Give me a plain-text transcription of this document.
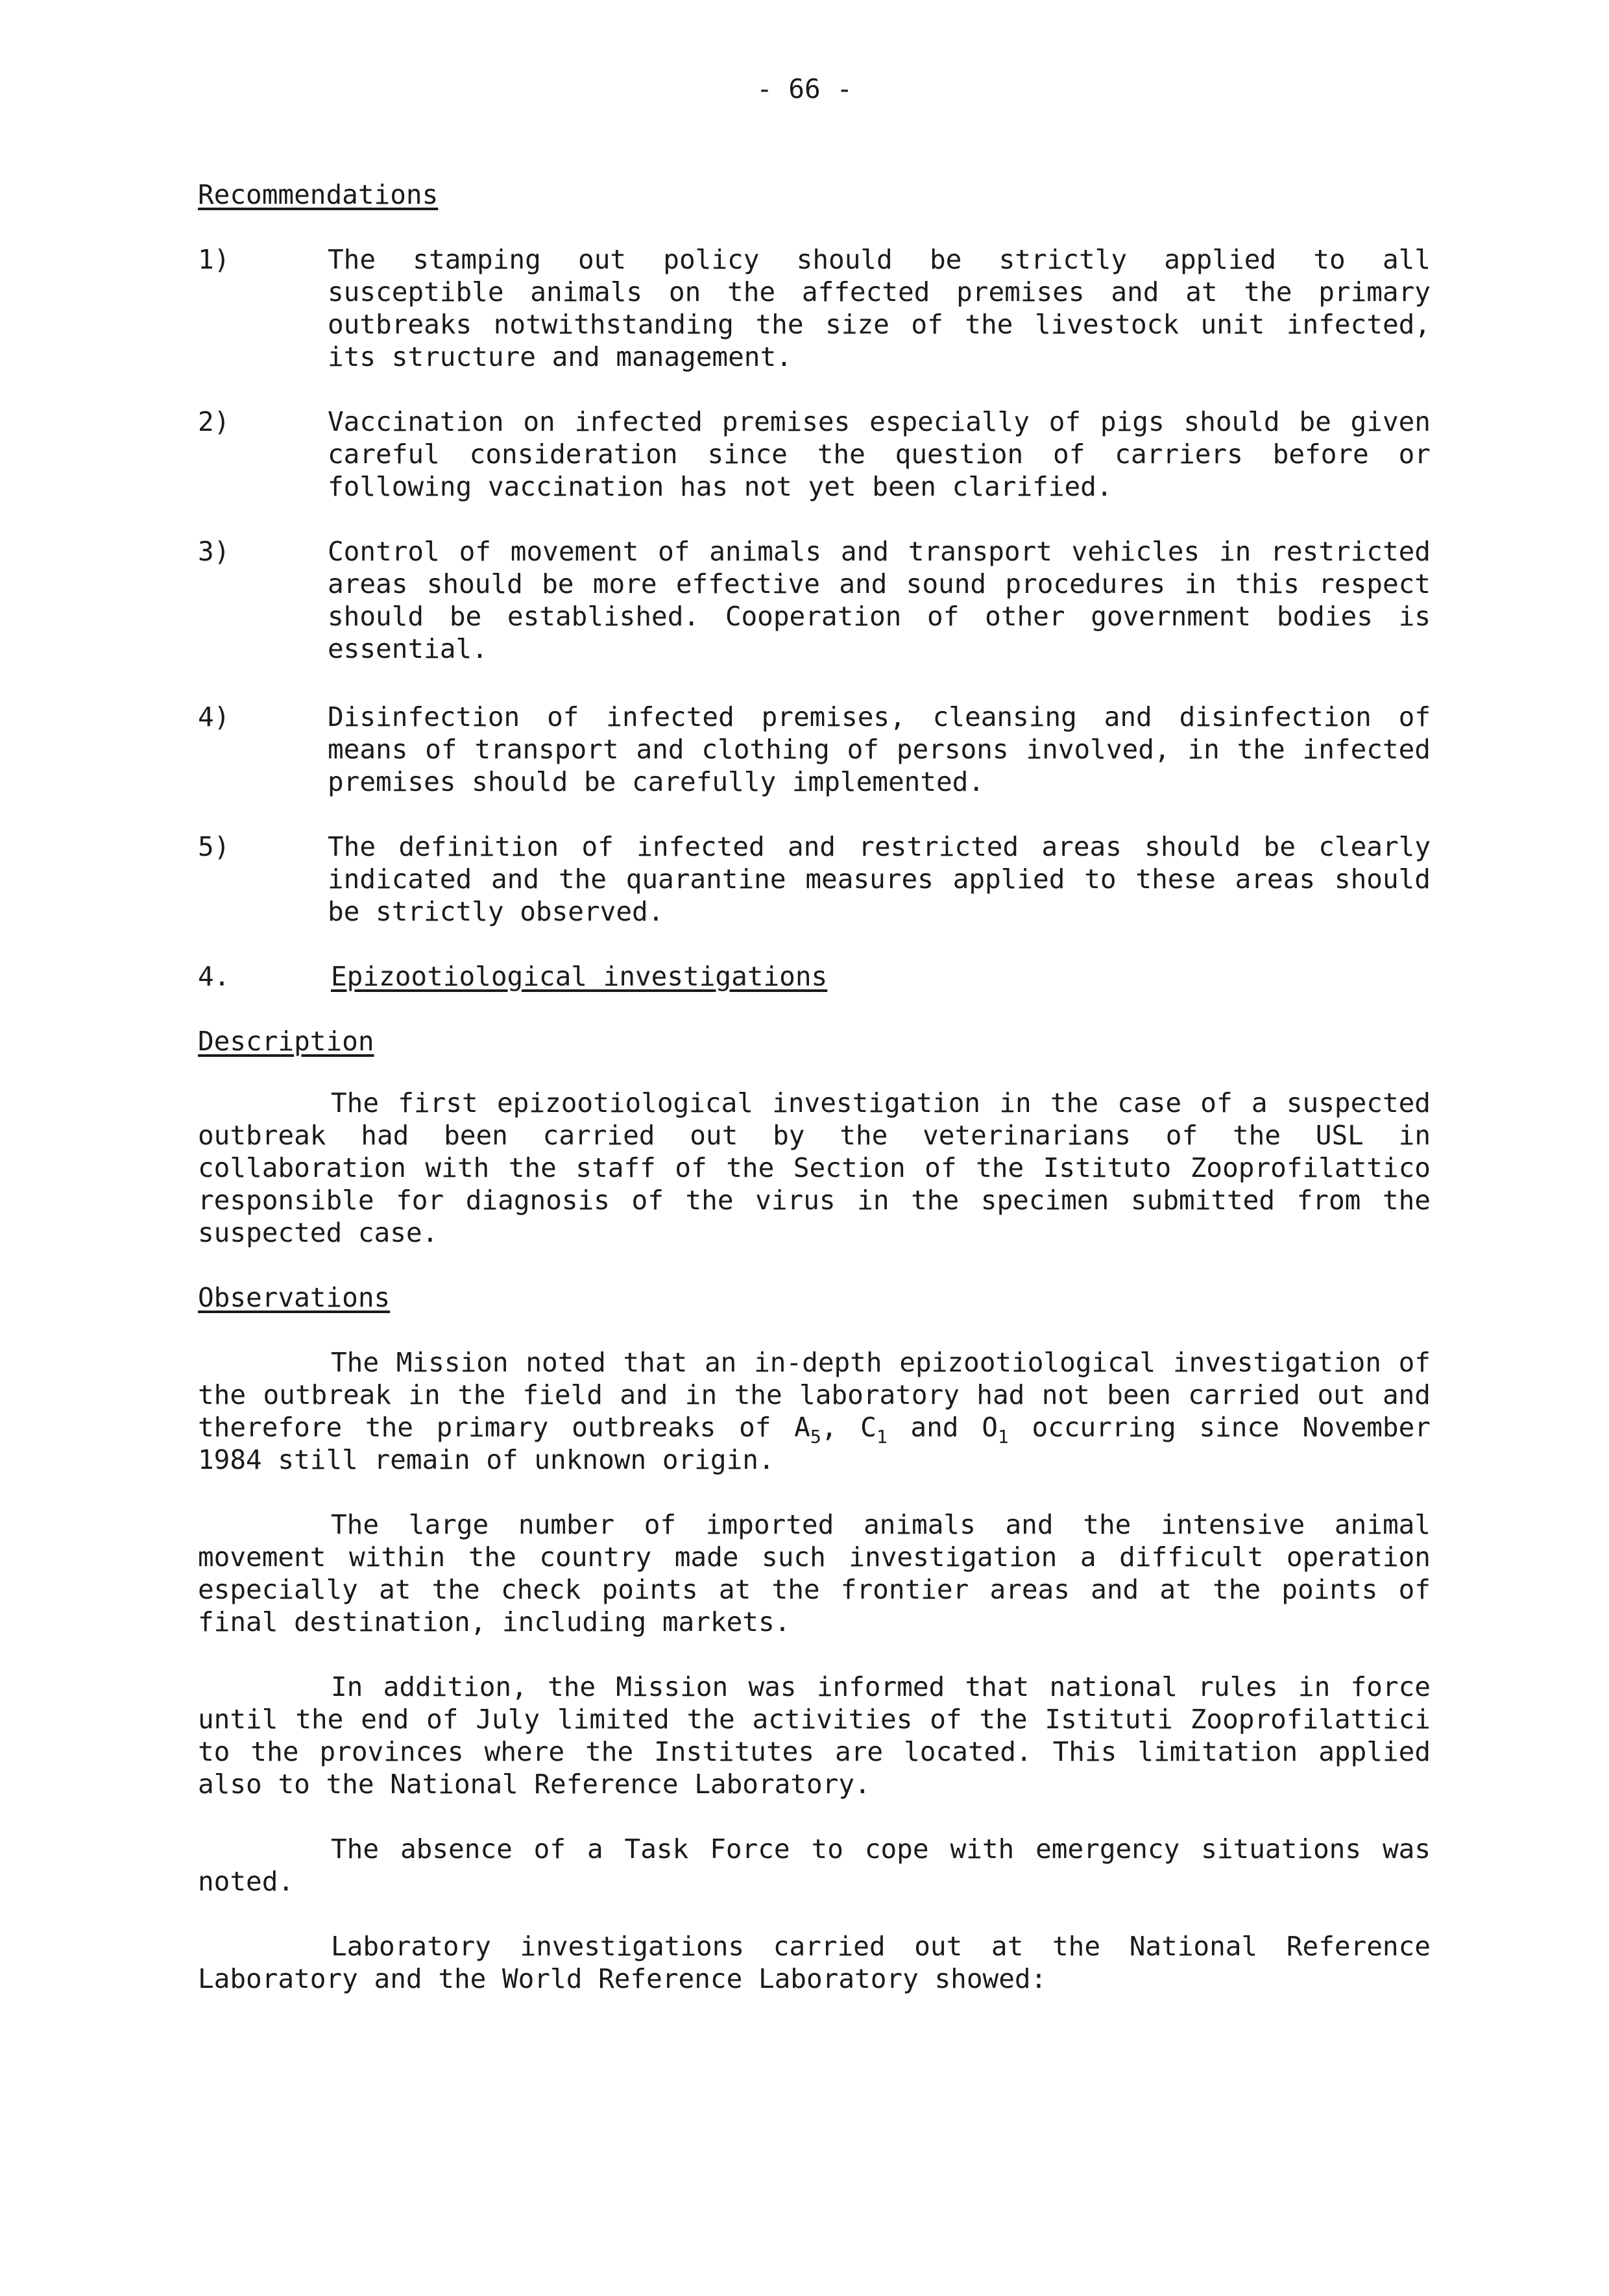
- 66 -
Recommendations
1)	The stamping out policy should be strictly applied to all susceptible animals on the affected premises and at the primary outbreaks notwithstanding the size of the livestock unit infected, its structure and management.
2)	Vaccination on infected premises especially of pigs should be given careful consideration since the question of carriers before or following vaccination has not yet been clarified.
3)	Control of movement of animals and transport vehicles in restricted areas should be more effective and sound procedures in this respect should be established. Cooperation of other government bodies is essential.
4)	Disinfection of infected premises, cleansing and disinfection of means of transport and clothing of persons involved, in the infected premises should be carefully implemented.
5)	The definition of infected and restricted areas should be clearly indicated and the quarantine measures applied to these areas should be strictly observed.
4.	Epizootiological investigations
Description
The first epizootiological investigation in the case of a suspected outbreak had been carried out by the veterinarians of the USL in collaboration with the staff of the Section of the Istituto Zooprofilattico responsible for diagnosis of the virus in the specimen submitted from the suspected case.
Observations
The Mission noted that an in-depth epizootiological investigation of the outbreak in the field and in the laboratory had not been carried out and therefore the primary outbreaks of $A_5$, $C_1$ and $O_1$ occurring since November 1984 still remain of unknown origin.
The large number of imported animals and the intensive animal movement within the country made such investigation a difficult operation especially at the check points at the frontier areas and at the points of final destination, including markets.
In addition, the Mission was informed that national rules in force until the end of July limited the activities of the Istituti Zooprofilattici to the provinces where the Institutes are located. This limitation applied also to the National Reference Laboratory.
The absence of a Task Force to cope with emergency situations was noted.
Laboratory investigations carried out at the National Reference Laboratory and the World Reference Laboratory showed:
